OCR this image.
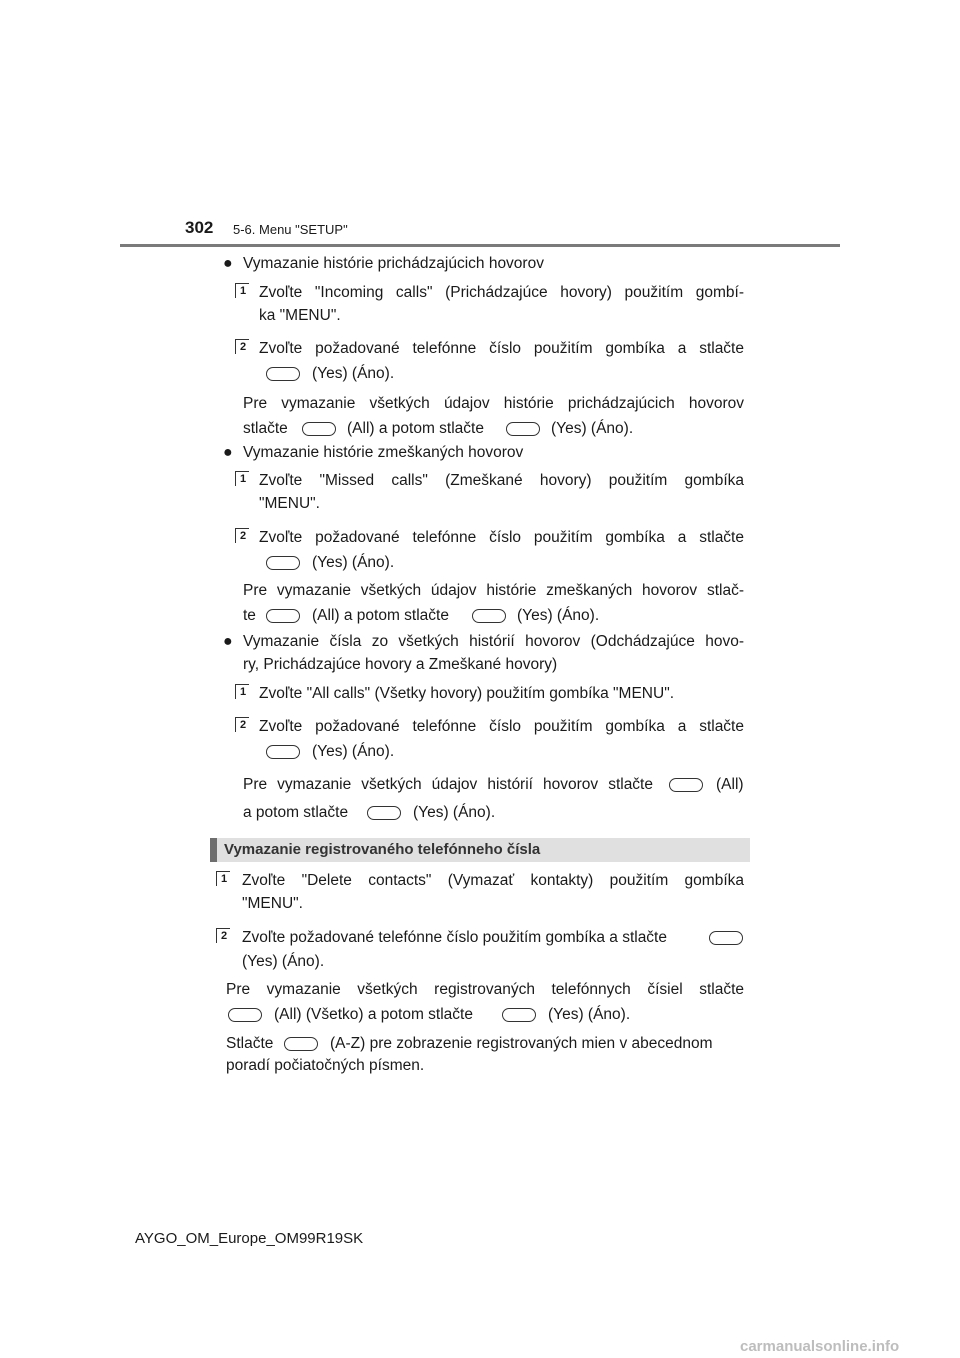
302 5-6. Menu "SETUP"
● Vymazanie histórie prichádzajúcich hovorov
1 Zvoľte "Incoming calls" (Prichádzajúce hovory) použitím gombí-
ka "MENU".
2 Zvoľte požadované telefónne číslo použitím gombíka a stlačte
(Yes) (Áno).
Pre vymazanie všetkých údajov histórie prichádzajúcich hovorov
stlačte	(All) a potom stlačte	(Yes) (Áno).
● Vymazanie histórie zmeškaných hovorov
1 Zvoľte "Missed calls" (Zmeškané hovory) použitím gombíka
"MENU".
2 Zvoľte požadované telefónne číslo použitím gombíka a stlačte
(Yes) (Áno).
Pre vymazanie všetkých údajov histórie zmeškaných hovorov stlač-
te	(All) a potom stlačte	(Yes) (Áno).
● Vymazanie čísla zo všetkých histórií hovorov (Odchádzajúce hovo-
ry, Prichádzajúce hovory a Zmeškané hovory)
1 Zvoľte "All calls" (Všetky hovory) použitím gombíka "MENU".
2 Zvoľte požadované telefónne číslo použitím gombíka a stlačte
(Yes) (Áno).
Pre vymazanie všetkých údajov histórií hovorov stlačte	(All)
a potom stlačte	(Yes) (Áno).
Vymazanie registrovaného telefónneho čísla
1 Zvoľte "Delete contacts" (Vymazať kontakty) použitím gombíka
"MENU".
2 Zvoľte požadované telefónne číslo použitím gombíka a stlačte
(Yes) (Áno).
Pre vymazanie všetkých registrovaných telefónnych čísiel stlačte
(All) (Všetko) a potom stlačte	(Yes) (Áno).
Stlačte	(A-Z) pre zobrazenie registrovaných mien v abecednom
poradí počiatočných písmen.
AYGO_OM_Europe_OM99R19SK
carmanualsonline.info
